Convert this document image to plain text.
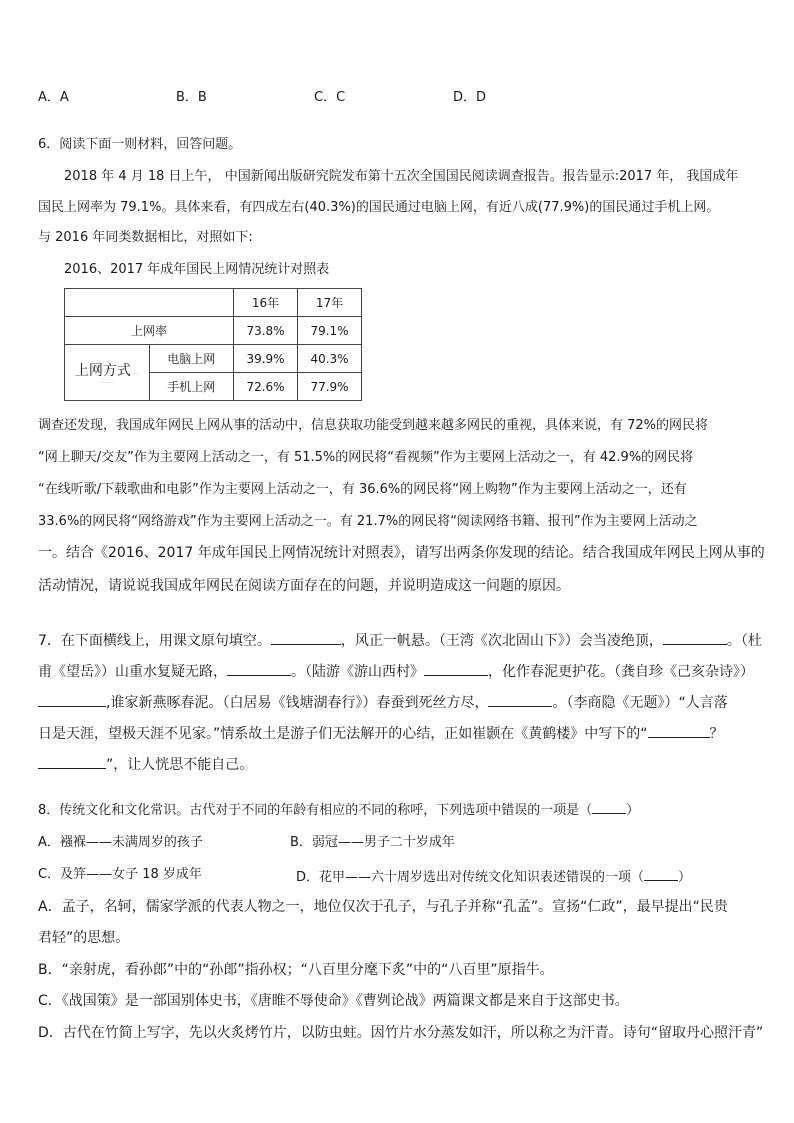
A．A	B．B	C．C	D．D
6．阅读下面一则材料，回答问题。
2018 年 4 月 18 日上午， 中国新闻出版研究院发布第十五次全国国民阅读调查报告。报告显示:2017 年， 我国成年
国民上网率为 79.1%。具体来看，有四成左右(40.3%)的国民通过电脑上网，有近八成(77.9%)的国民通过手机上网。
与 2016 年同类数据相比，对照如下:
2016、2017 年成年国民上网情况统计对照表
		16年	17年
上网率		73.8%	79.1%
上网方式······
··········	电脑上网	39.9%	40.3%
	手机上网	72.6%	77.9%
调查还发现，我国成年网民上网从事的活动中，信息获取功能受到越来越多网民的重视，具体来说，有 72%的网民将
“网上聊天/交友”作为主要网上活动之一，有 51.5%的网民将“看视频”作为主要网上活动之一，有 42.9%的网民将
“在线听歌/下载歌曲和电影”作为主要网上活动之一，有 36.6%的网民将“网上购物”作为主要网上活动之一，还有
33.6%的网民将“网络游戏”作为主要网上活动之一。有 21.7%的网民将“阅读网络书籍、报刊”作为主要网上活动之
一。结合《2016、2017 年成年国民上网情况统计对照表》，请写出两条你发现的结论。结合我国成年网民上网从事的
活动情况，请说说我国成年网民在阅读方面存在的问题，并说明造成这一问题的原因。
7．在下面横线上，用课文原句填空。	，风正一帆悬。（王湾《次北固山下》）会当凌绝顶，	。（杜
甫《望岳》）山重水复疑无路，	。（陆游《游山西村》	，化作春泥更护花。（龚自珍《己亥杂诗》）
,谁家新燕啄春泥。（白居易《钱塘湖春行》）春蚕到死丝方尽，	。（李商隐《无题》）“人言落
日是天涯，望极天涯不见家。”情系故土是游子们无法解开的心结，正如崔颢在《黄鹤楼》中写下的“	？
”，让人恍思不能自己。
8．传统文化和文化常识。古代对于不同的年龄有相应的不同的称呼，下列选项中错误的一项是（	）
A．襁褓——未满周岁的孩子	B．弱冠——男子二十岁成年
C．及笄——女子 18 岁成年	D．花甲——六十周岁选出对传统文化知识表述错误的一项（	）
A．孟子，名轲，儒家学派的代表人物之一，地位仅次于孔子，与孔子并称“孔孟”。宣扬“仁政”，最早提出“民贵
君轻”的思想。
B．“亲射虎，看孙郎”中的“孙郎”指孙权；“八百里分麾下炙”中的“八百里”原指牛。
C．《战国策》是一部国别体史书，《唐睢不辱使命》《曹刿论战》两篇课文都是来自于这部史书。
D．古代在竹简上写字，先以火炙烤竹片，以防虫蛀。因竹片水分蒸发如汗，所以称之为汗青。诗句“留取丹心照汗青”
